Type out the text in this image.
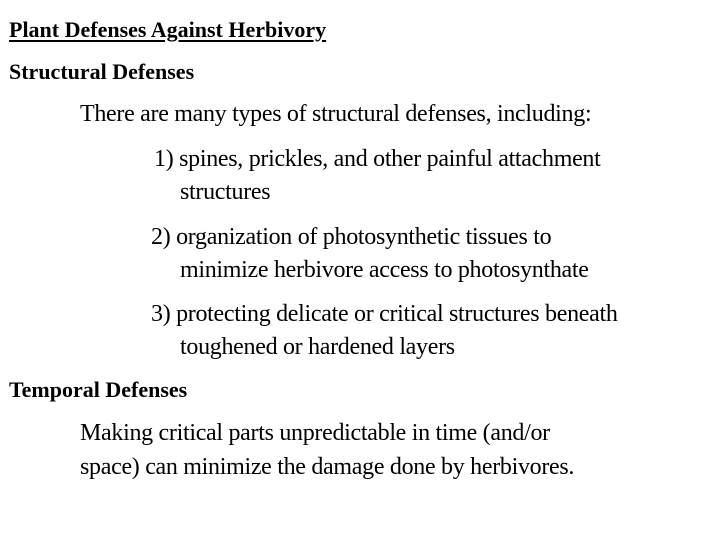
Plant Defenses Against Herbivory
Structural Defenses
There are many types of structural defenses, including:
1) spines, prickles, and other painful attachment
structures
2) organization of photosynthetic tissues to
minimize herbivore access to photosynthate
3) protecting delicate or critical structures beneath
toughened or hardened layers
Temporal Defenses
Making critical parts unpredictable in time (and/or
space) can minimize the damage done by herbivores.
